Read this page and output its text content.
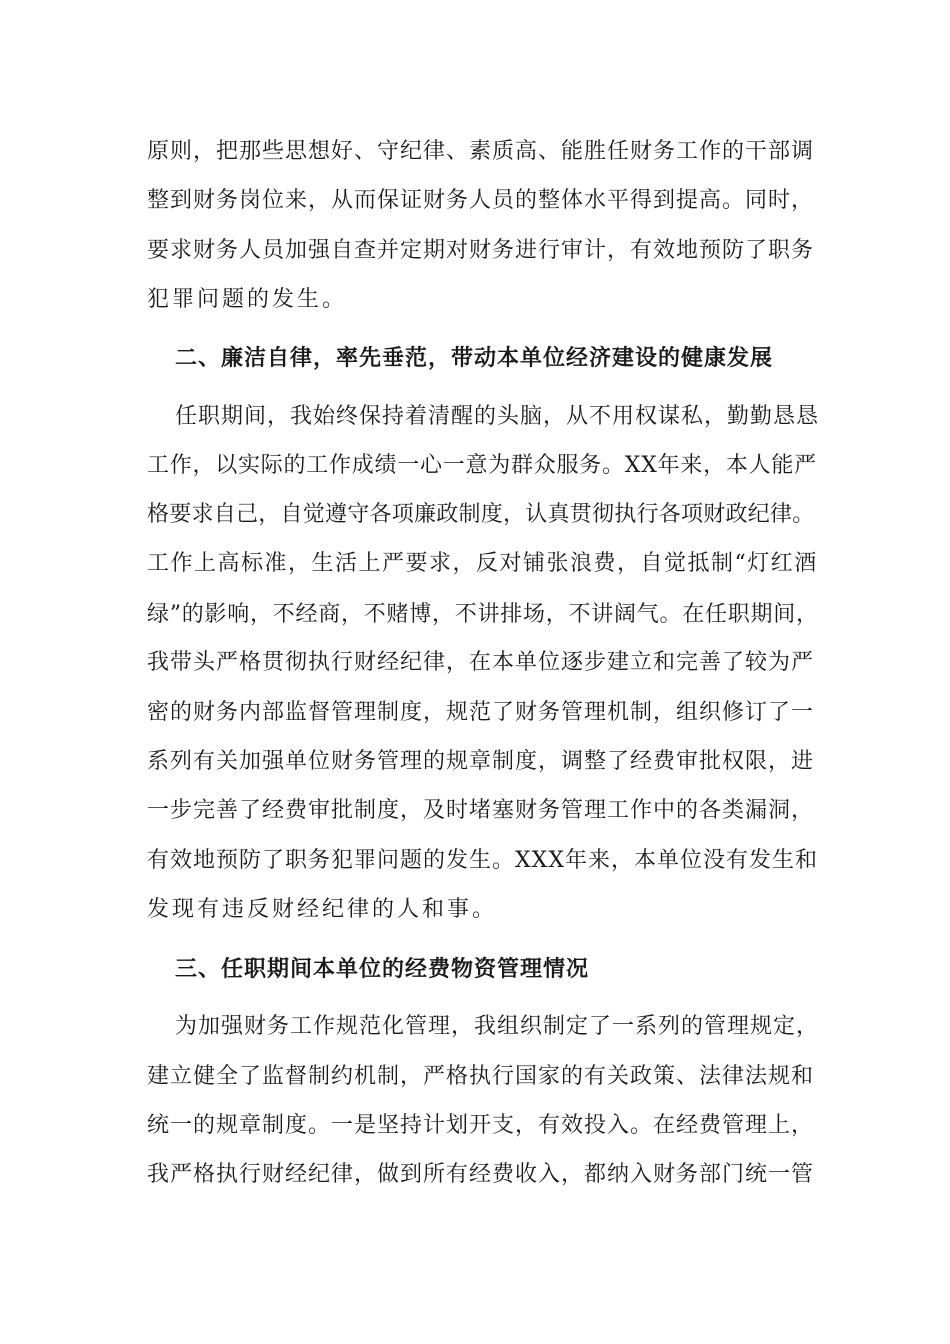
原则，把那些思想好、守纪律、素质高、能胜任财务工作的干部调
整到财务岗位来，从而保证财务人员的整体水平得到提高。同时，
要求财务人员加强自查并定期对财务进行审计，有效地预防了职务
犯罪问题的发生。
二、廉洁自律，率先垂范，带动本单位经济建设的健康发展
任职期间，我始终保持着清醒的头脑，从不用权谋私，勤勤恳恳
工作，以实际的工作成绩一心一意为群众服务。XX年来，本人能严
格要求自己，自觉遵守各项廉政制度，认真贯彻执行各项财政纪律。
工作上高标准，生活上严要求，反对铺张浪费，自觉抵制“灯红酒
绿”的影响，不经商，不赌博，不讲排场，不讲阔气。在任职期间，
我带头严格贯彻执行财经纪律，在本单位逐步建立和完善了较为严
密的财务内部监督管理制度，规范了财务管理机制，组织修订了一
系列有关加强单位财务管理的规章制度，调整了经费审批权限，进
一步完善了经费审批制度，及时堵塞财务管理工作中的各类漏洞，
有效地预防了职务犯罪问题的发生。XXX年来，本单位没有发生和
发现有违反财经纪律的人和事。
三、任职期间本单位的经费物资管理情况
为加强财务工作规范化管理，我组织制定了一系列的管理规定，
建立健全了监督制约机制，严格执行国家的有关政策、法律法规和
统一的规章制度。一是坚持计划开支，有效投入。在经费管理上，
我严格执行财经纪律，做到所有经费收入，都纳入财务部门统一管
